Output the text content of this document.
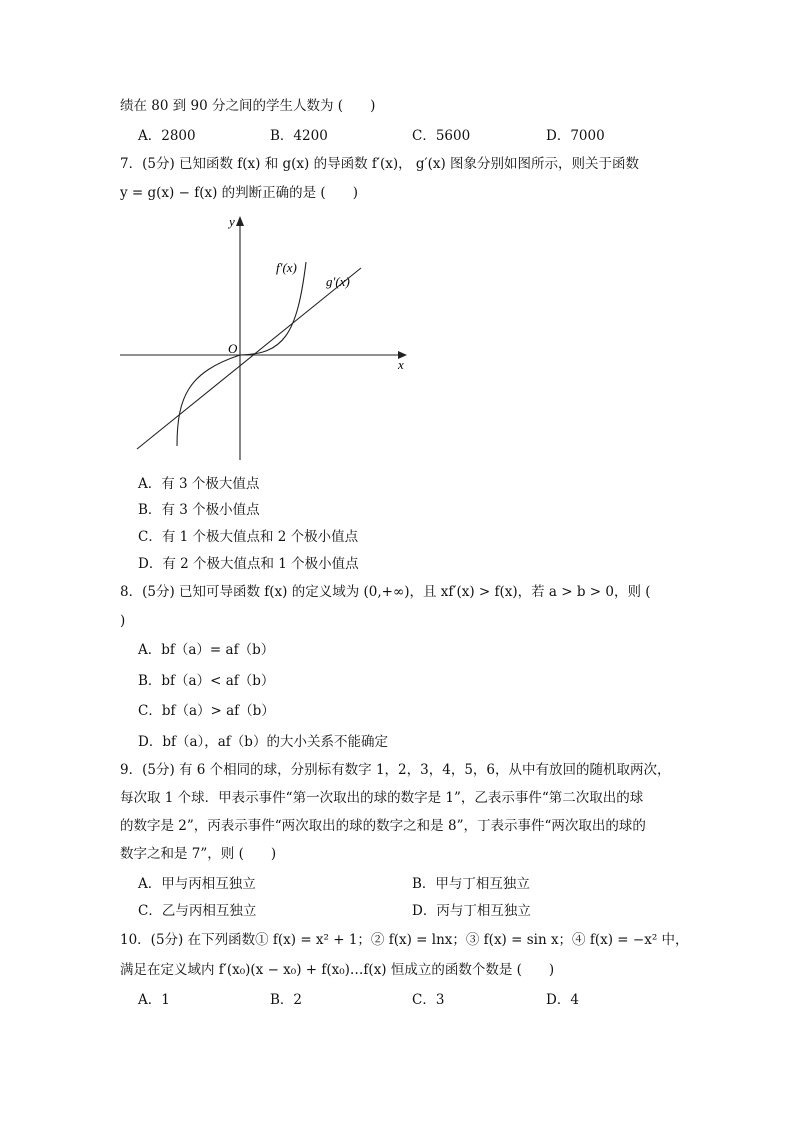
绩在 80 到 90 分之间的学生人数为 (　　)
A．2800	B．4200	C．5600	D．7000
7．(5分) 已知函数 f(x) 和 g(x) 的导函数 f′(x)， g′(x) 图象分别如图所示，则关于函数
y = g(x) − f(x) 的判断正确的是 (　　)
y
x
O
f′(x)
g′(x)
A．有 3 个极大值点
B．有 3 个极小值点
C．有 1 个极大值点和 2 个极小值点
D．有 2 个极大值点和 1 个极小值点
8．(5分) 已知可导函数 f(x) 的定义域为 (0,+∞)，且 xf′(x) > f(x)，若 a > b > 0，则 (
)
A．bf（a）= af（b）
B．bf（a）< af（b）
C．bf（a）> af（b）
D．bf（a），af（b）的大小关系不能确定
9．(5分) 有 6 个相同的球，分别标有数字 1，2，3，4，5，6，从中有放回的随机取两次，
每次取 1 个球．甲表示事件“第一次取出的球的数字是 1”，乙表示事件“第二次取出的球
的数字是 2”，丙表示事件“两次取出的球的数字之和是 8”，丁表示事件“两次取出的球的
数字之和是 7”，则 (　　)
A．甲与丙相互独立	B．甲与丁相互独立
C．乙与丙相互独立	D．丙与丁相互独立
10．(5分) 在下列函数① f(x) = x² + 1；② f(x) = lnx；③ f(x) = sin x；④ f(x) = −x² 中，
满足在定义域内 f′(x₀)(x − x₀) + f(x₀)…f(x) 恒成立的函数个数是 (　　)
A．1	B．2	C．3	D．4
